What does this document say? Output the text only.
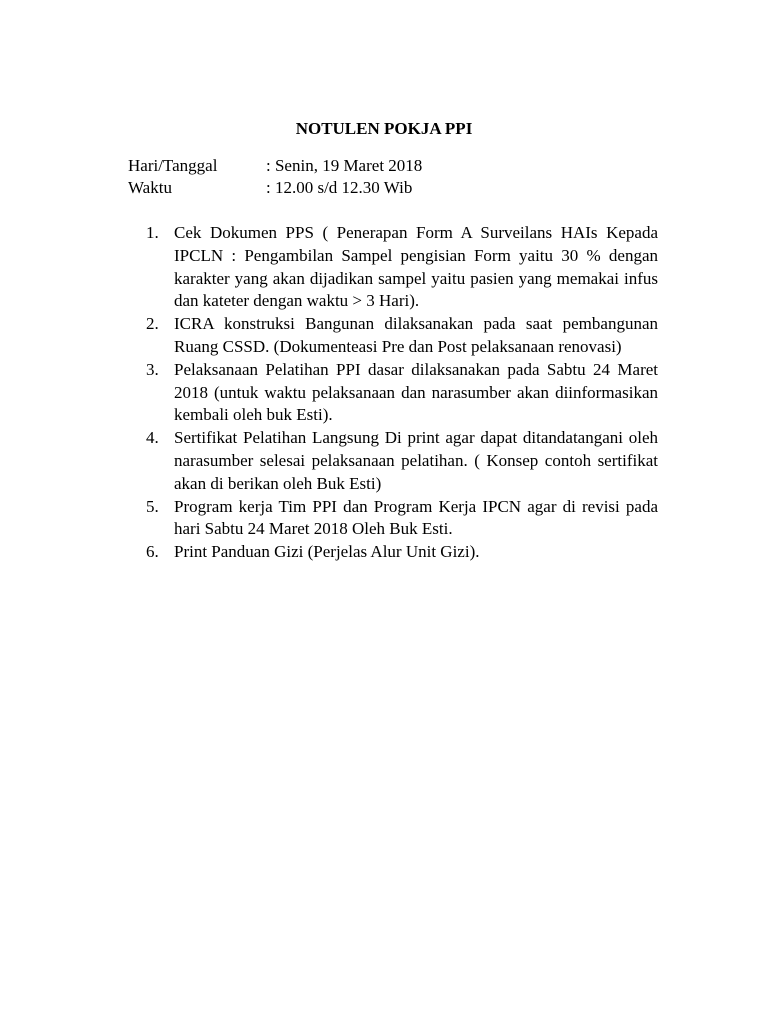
NOTULEN POKJA PPI
Hari/Tanggal	: Senin, 19 Maret 2018
Waktu	: 12.00 s/d 12.30 Wib
1. Cek Dokumen PPS ( Penerapan Form A Surveilans HAIs Kepada IPCLN : Pengambilan Sampel pengisian Form yaitu 30 % dengan karakter yang akan dijadikan sampel yaitu pasien yang memakai infus dan kateter dengan waktu > 3 Hari).
2. ICRA konstruksi Bangunan dilaksanakan pada saat pembangunan Ruang CSSD. (Dokumenteasi Pre dan Post pelaksanaan renovasi)
3. Pelaksanaan Pelatihan PPI dasar dilaksanakan pada Sabtu 24 Maret 2018 (untuk waktu pelaksanaan dan narasumber akan diinformasikan kembali oleh buk Esti).
4. Sertifikat Pelatihan Langsung Di print agar dapat ditandatangani oleh narasumber selesai pelaksanaan pelatihan. ( Konsep contoh sertifikat akan di berikan oleh Buk Esti)
5. Program kerja Tim PPI dan Program Kerja IPCN agar di revisi pada hari Sabtu 24 Maret 2018 Oleh Buk Esti.
6. Print Panduan Gizi (Perjelas Alur Unit Gizi).
